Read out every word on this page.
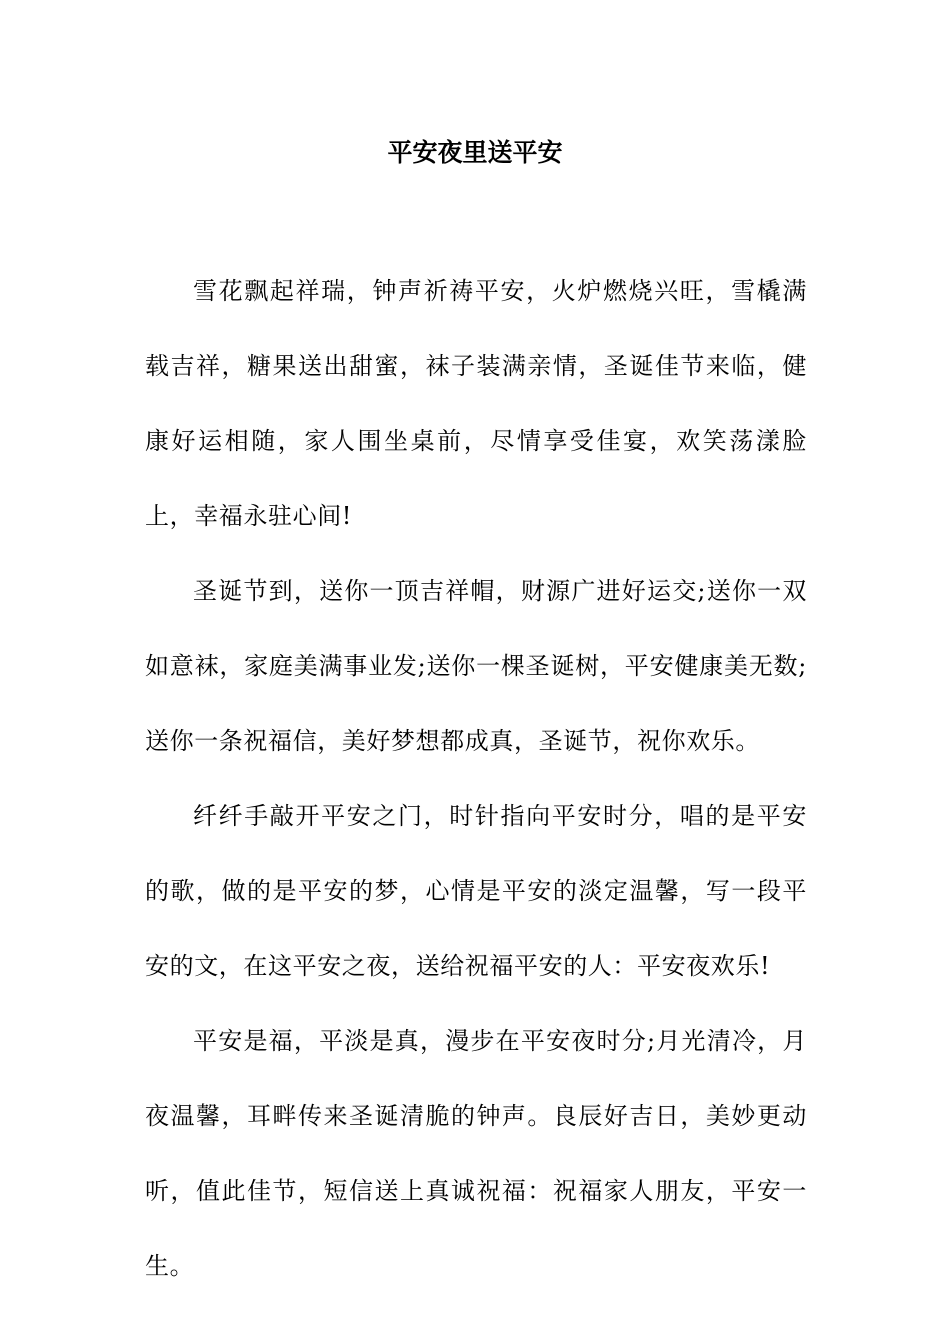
平安夜里送平安

雪花飘起祥瑞，钟声祈祷平安，火炉燃烧兴旺，雪橇满载吉祥，糖果送出甜蜜，袜子装满亲情，圣诞佳节来临，健康好运相随，家人围坐桌前，尽情享受佳宴，欢笑荡漾脸上，幸福永驻心间!

圣诞节到，送你一顶吉祥帽，财源广进好运交;送你一双如意袜，家庭美满事业发;送你一棵圣诞树，平安健康美无数;送你一条祝福信，美好梦想都成真，圣诞节，祝你欢乐。

纤纤手敲开平安之门，时针指向平安时分，唱的是平安的歌，做的是平安的梦，心情是平安的淡定温馨，写一段平安的文，在这平安之夜，送给祝福平安的人：平安夜欢乐!

平安是福，平淡是真，漫步在平安夜时分;月光清冷，月夜温馨，耳畔传来圣诞清脆的钟声。良辰好吉日，美妙更动听，值此佳节，短信送上真诚祝福：祝福家人朋友，平安一生。
